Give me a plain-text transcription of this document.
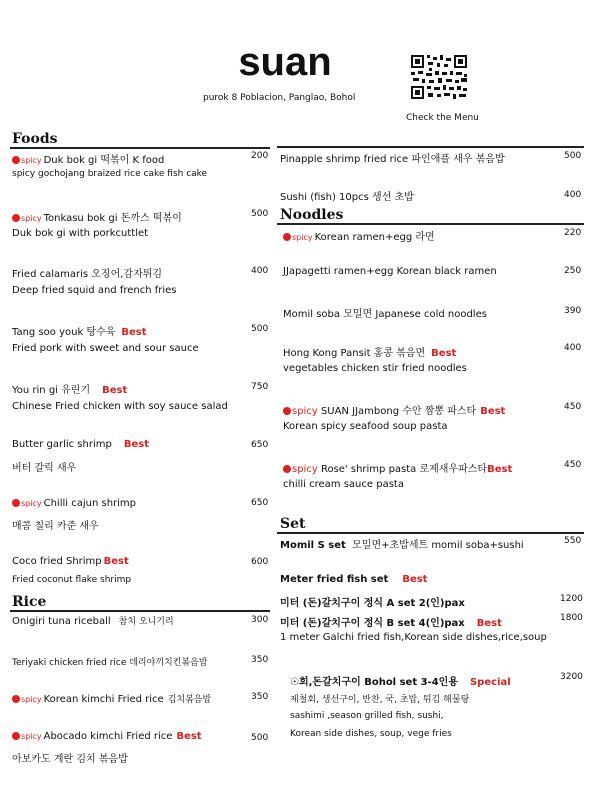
suan
purok 8 Poblacion, Panglao, Bohol
Check the Menu
Foods
spicy Duk bok gi 떡볶이 K food
spicy gochojang braized rice cake fish cake
200
spicy Tonkasu bok gi 돈까스 떡볶이
Duk bok gi with porkcuttlet
500
Fried calamaris 오징어,감자튀김
Deep fried squid and french fries
400
Tang soo youk 탕수육 Best
Fried pork with sweet and sour sauce
500
You rin gi 유린기 Best
Chinese Fried chicken with soy sauce salad
750
Butter garlic shrimp Best
버터 갈릭 새우
650
spicy Chilli cajun shrimp
매콤 칠리 카준 새우
650
Coco fried Shrimp Best
Fried coconut flake shrimp
600
Rice
Onigiri tuna riceball 참치 오니기리	300
Teriyaki chicken fried rice 데리야끼치킨볶음밥	350
spicy Korean kimchi Fried rice 김치볶음밥	350
spicy Abocado kimchi Fried rice Best
아보카도 계란 김치 볶음밥
500
Pinapple shrimp fried rice 파인애플 새우 볶음밥	500
Sushi (fish) 10pcs 생선 초밥	400
Noodles
spicy Korean ramen+egg 라면	220
JJapagetti ramen+egg Korean black ramen	250
Momil soba 모밀면 Japanese cold noodles	390
Hong Kong Pansit 홍콩 볶음면 Best
vegetables chicken stir fried noodles
400
spicy SUAN JJambong 수안 짬뽕 파스타 Best
Korean spicy seafood soup pasta
450
spicy Rose' shrimp pasta 로제새우파스타Best
chilli cream sauce pasta
450
Set
Momil S set 모밀면+초밥세트 momil soba+sushi	550
Meter fried fish set Best
미터 (돈)갈치구이 정식 A set 2(인)pax	1200
미터 (돈)갈치구이 정식 B set 4(인)pax Best	1800
1 meter Galchi fried fish,Korean side dishes,rice,soup
☉회,돈갈치구이 Bohol set 3-4인용 Special	3200
제철회, 생선구이, 반찬, 국, 초밥, 튀김 해물탕
sashimi ,season grilled fish, sushi,
Korean side dishes, soup, vege fries
